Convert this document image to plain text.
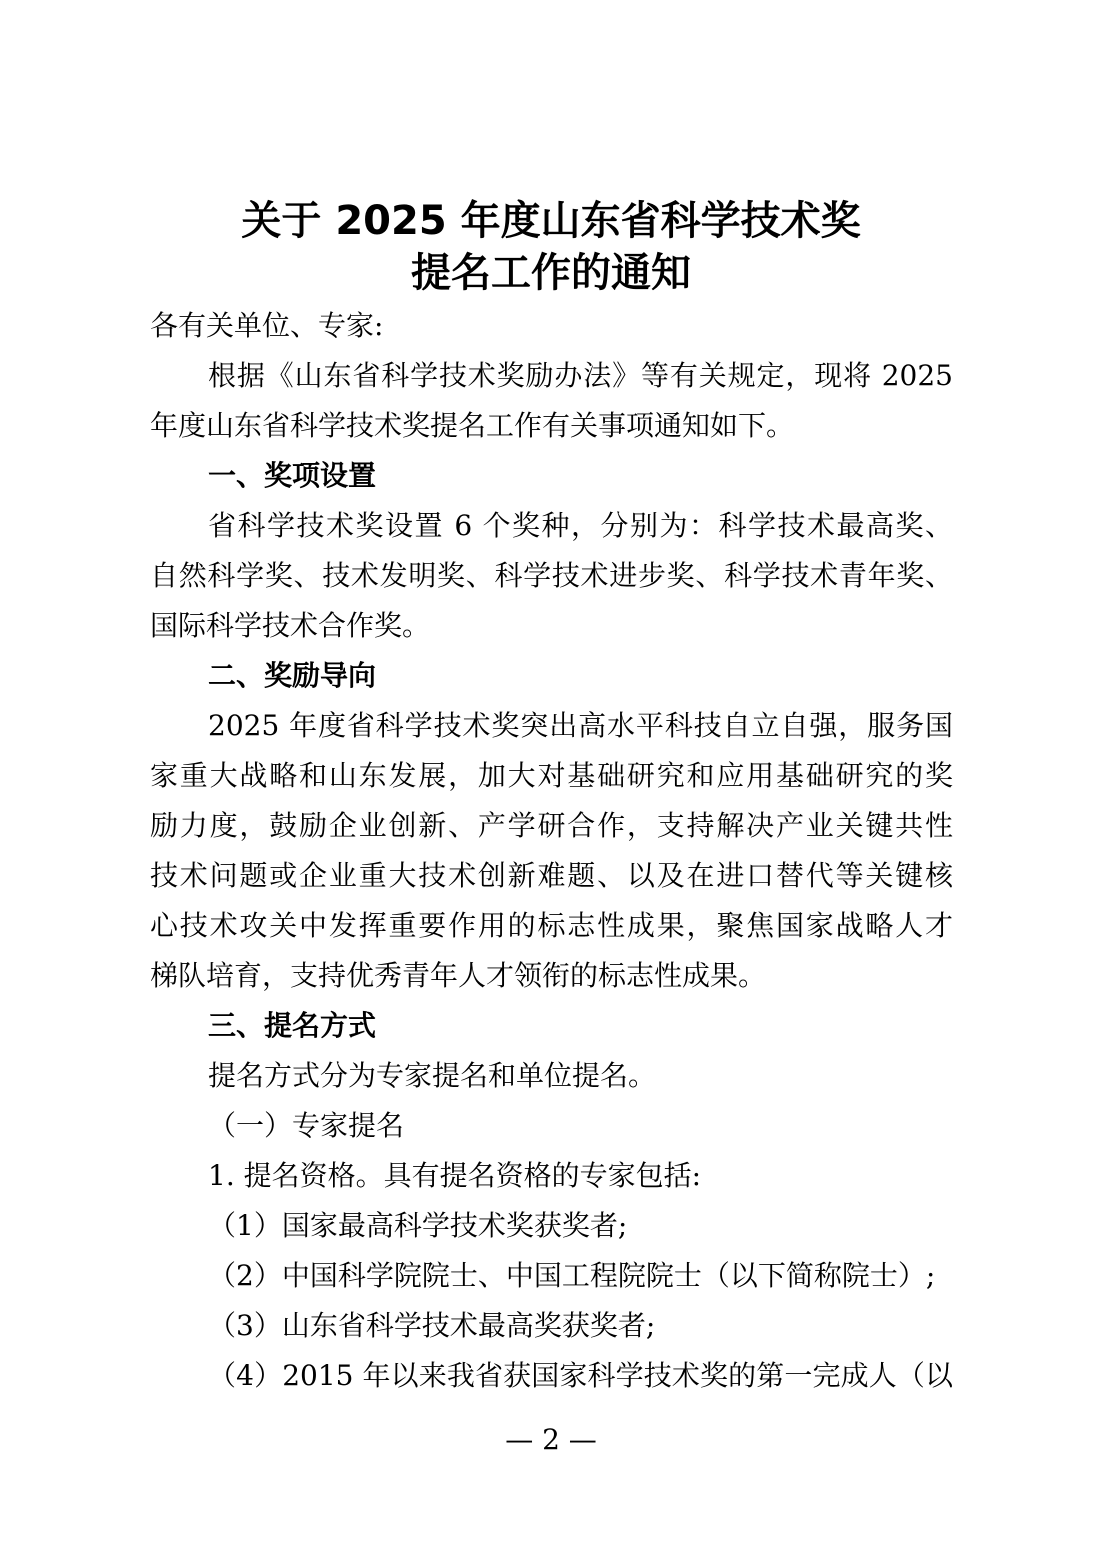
关于 2025 年度山东省科学技术奖
提名工作的通知
各有关单位、专家:
根据《山东省科学技术奖励办法》等有关规定，现将 2025
年度山东省科学技术奖提名工作有关事项通知如下。
一、奖项设置
省科学技术奖设置 6 个奖种，分别为：科学技术最高奖、
自然科学奖、技术发明奖、科学技术进步奖、科学技术青年奖、
国际科学技术合作奖。
二、奖励导向
2025 年度省科学技术奖突出高水平科技自立自强，服务国
家重大战略和山东发展，加大对基础研究和应用基础研究的奖
励力度，鼓励企业创新、产学研合作，支持解决产业关键共性
技术问题或企业重大技术创新难题、以及在进口替代等关键核
心技术攻关中发挥重要作用的标志性成果，聚焦国家战略人才
梯队培育，支持优秀青年人才领衔的标志性成果。
三、提名方式
提名方式分为专家提名和单位提名。
（一）专家提名
1. 提名资格。具有提名资格的专家包括:
（1）国家最高科学技术奖获奖者;
（2）中国科学院院士、中国工程院院士（以下简称院士）;
（3）山东省科学技术最高奖获奖者;
（4）2015 年以来我省获国家科学技术奖的第一完成人（以
— 2 —
